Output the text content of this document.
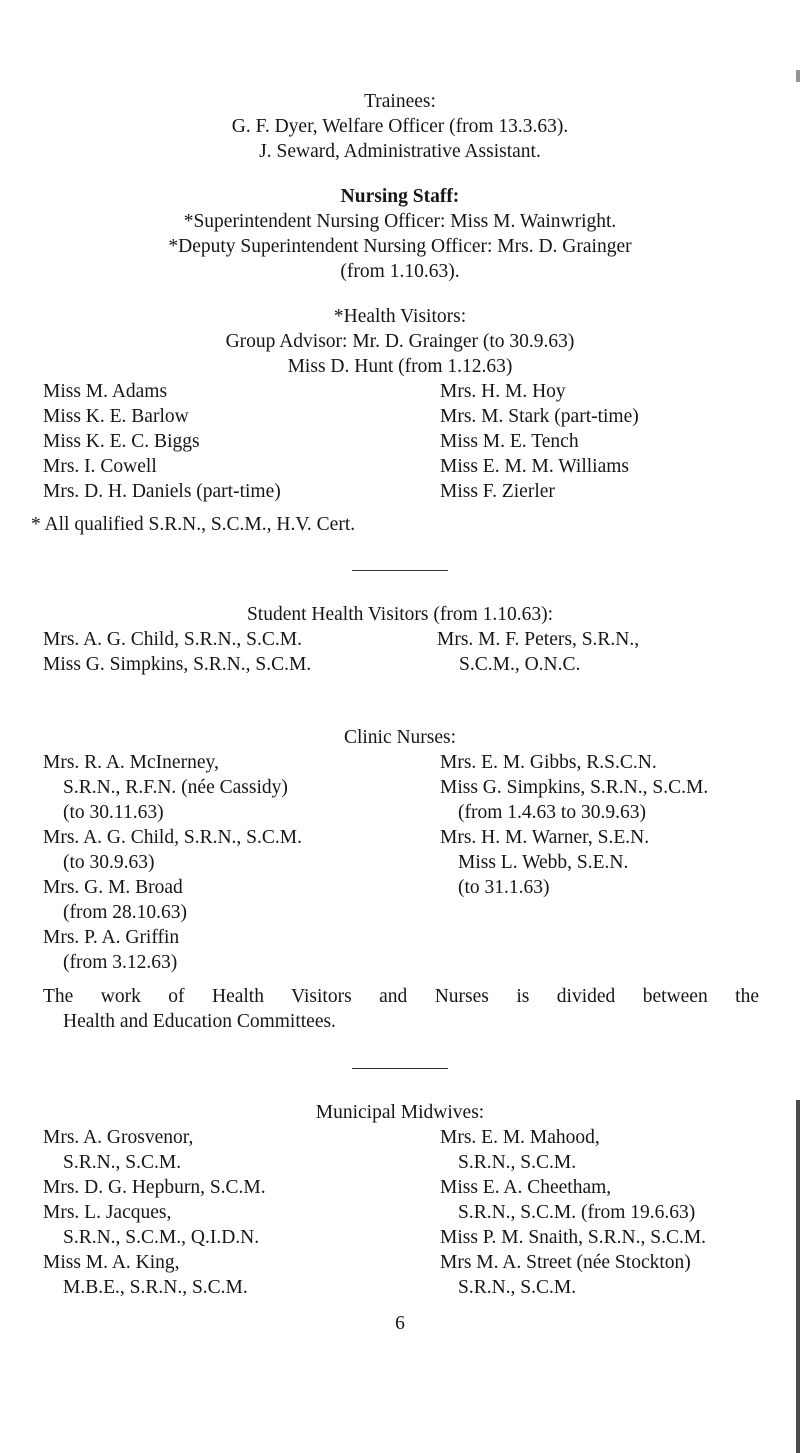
Trainees:
G. F. Dyer, Welfare Officer (from 13.3.63).
J. Seward, Administrative Assistant.
Nursing Staff:
*Superintendent Nursing Officer: Miss M. Wainwright.
*Deputy Superintendent Nursing Officer: Mrs. D. Grainger
(from 1.10.63).
*Health Visitors:
Group Advisor: Mr. D. Grainger (to 30.9.63)
Miss D. Hunt (from 1.12.63)
Miss M. Adams
Miss K. E. Barlow
Miss K. E. C. Biggs
Mrs. I. Cowell
Mrs. D. H. Daniels (part-time)
Mrs. H. M. Hoy
Mrs. M. Stark (part-time)
Miss M. E. Tench
Miss E. M. M. Williams
Miss F. Zierler
* All qualified S.R.N., S.C.M., H.V. Cert.
Student Health Visitors (from 1.10.63):
Mrs. A. G. Child, S.R.N., S.C.M.
Miss G. Simpkins, S.R.N., S.C.M.
Mrs. M. F. Peters, S.R.N.,
S.C.M., O.N.C.
Clinic Nurses:
Mrs. R. A. McInerney,
S.R.N., R.F.N. (née Cassidy)
(to 30.11.63)
Mrs. A. G. Child, S.R.N., S.C.M.
(to 30.9.63)
Mrs. G. M. Broad
(from 28.10.63)
Mrs. P. A. Griffin
(from 3.12.63)
Mrs. E. M. Gibbs, R.S.C.N.
Miss G. Simpkins, S.R.N., S.C.M.
(from 1.4.63 to 30.9.63)
Mrs. H. M. Warner, S.E.N.
Miss L. Webb, S.E.N.
(to 31.1.63)
The work of Health Visitors and Nurses is divided between the
Health and Education Committees.
Municipal Midwives:
Mrs. A. Grosvenor,
S.R.N., S.C.M.
Mrs. D. G. Hepburn, S.C.M.
Mrs. L. Jacques,
S.R.N., S.C.M., Q.I.D.N.
Miss M. A. King,
M.B.E., S.R.N., S.C.M.
Mrs. E. M. Mahood,
S.R.N., S.C.M.
Miss E. A. Cheetham,
S.R.N., S.C.M. (from 19.6.63)
Miss P. M. Snaith, S.R.N., S.C.M.
Mrs M. A. Street (née Stockton)
S.R.N., S.C.M.
6
